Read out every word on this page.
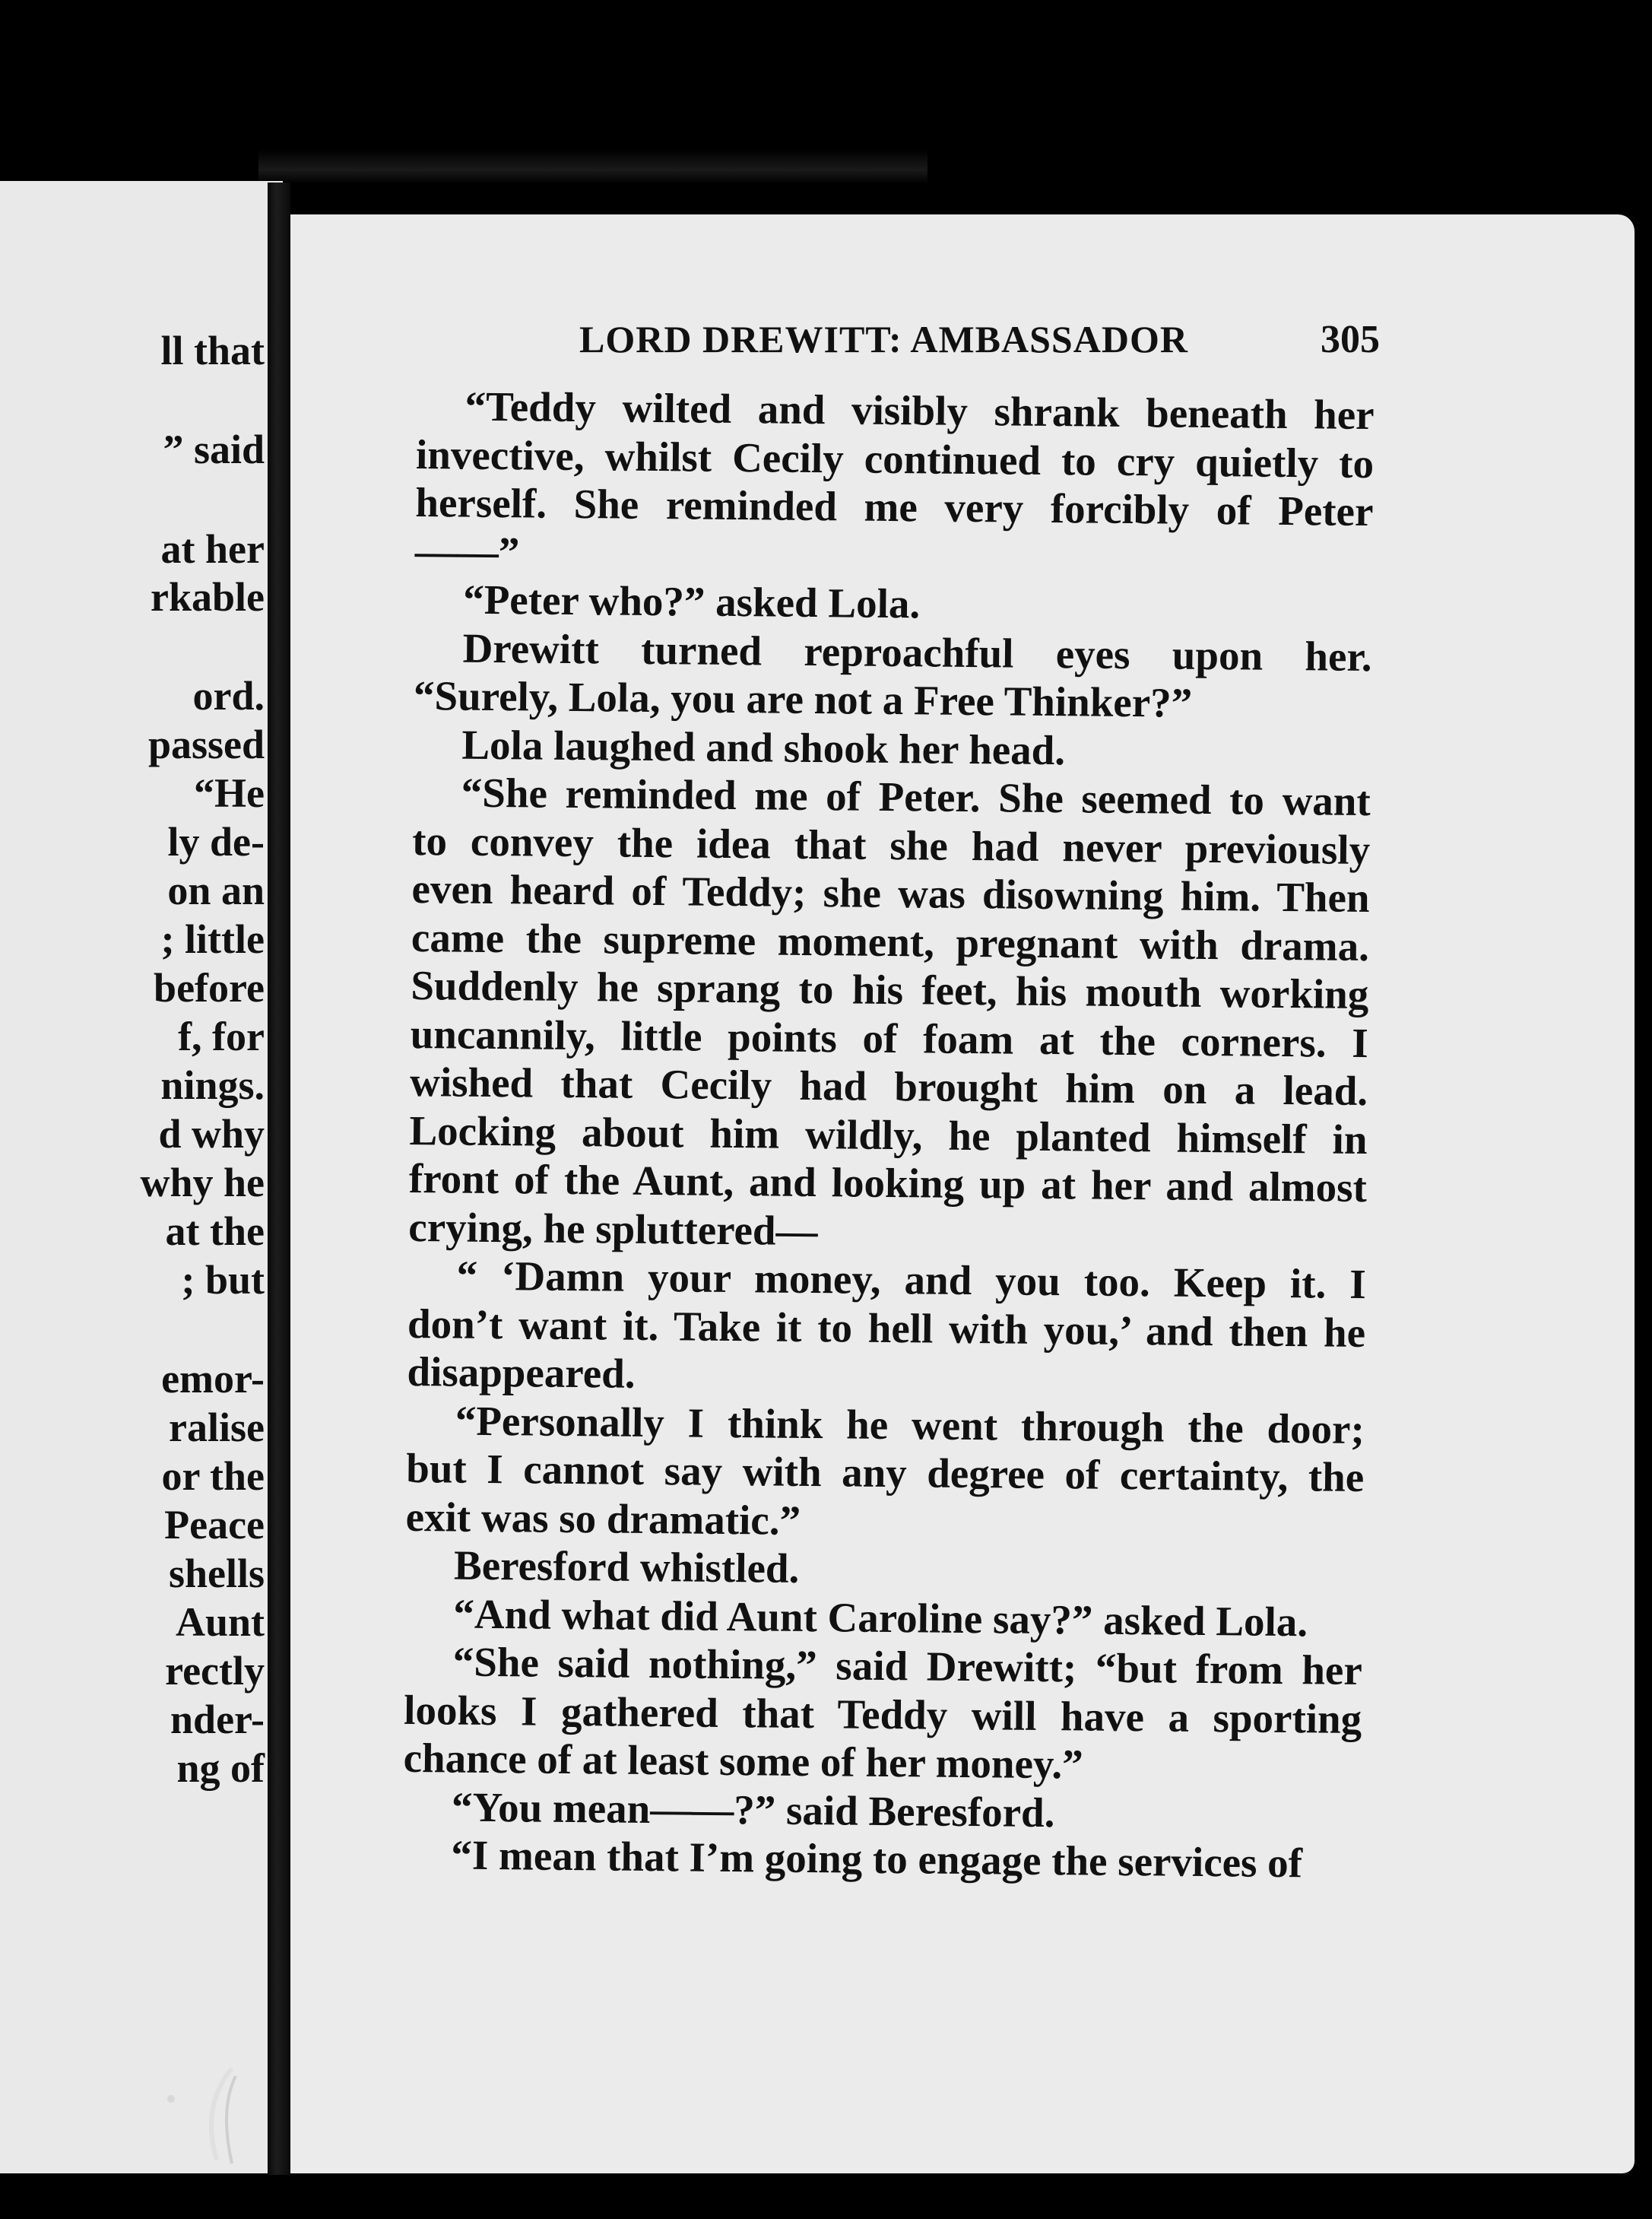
ll that
” said
at her
rkable
ord.
passed
“He
ly de-
on an
; little
before
f, for
nings.
d why
why he
at the
; but
emor-
ralise
or the
Peace
shells
Aunt
rectly
nder-
ng of
LORD DREWITT: AMBASSADOR	305
“Teddy wilted and visibly shrank beneath her
invective, whilst Cecily continued to cry quietly to
herself. She reminded me very forcibly of Peter
——”
“Peter who?” asked Lola.
Drewitt turned reproachful eyes upon her.
“Surely, Lola, you are not a Free Thinker?”
Lola laughed and shook her head.
“She reminded me of Peter. She seemed to want
to convey the idea that she had never previously
even heard of Teddy; she was disowning him. Then
came the supreme moment, pregnant with drama.
Suddenly he sprang to his feet, his mouth working
uncannily, little points of foam at the corners. I
wished that Cecily had brought him on a lead.
Locking about him wildly, he planted himself in
front of the Aunt, and looking up at her and almost
crying, he spluttered—
“ ‘Damn your money, and you too. Keep it. I
don’t want it. Take it to hell with you,’ and then he
disappeared.
“Personally I think he went through the door;
but I cannot say with any degree of certainty, the
exit was so dramatic.”
Beresford whistled.
“And what did Aunt Caroline say?” asked Lola.
“She said nothing,” said Drewitt; “but from her
looks I gathered that Teddy will have a sporting
chance of at least some of her money.”
“You mean——?” said Beresford.
“I mean that I’m going to engage the services of
